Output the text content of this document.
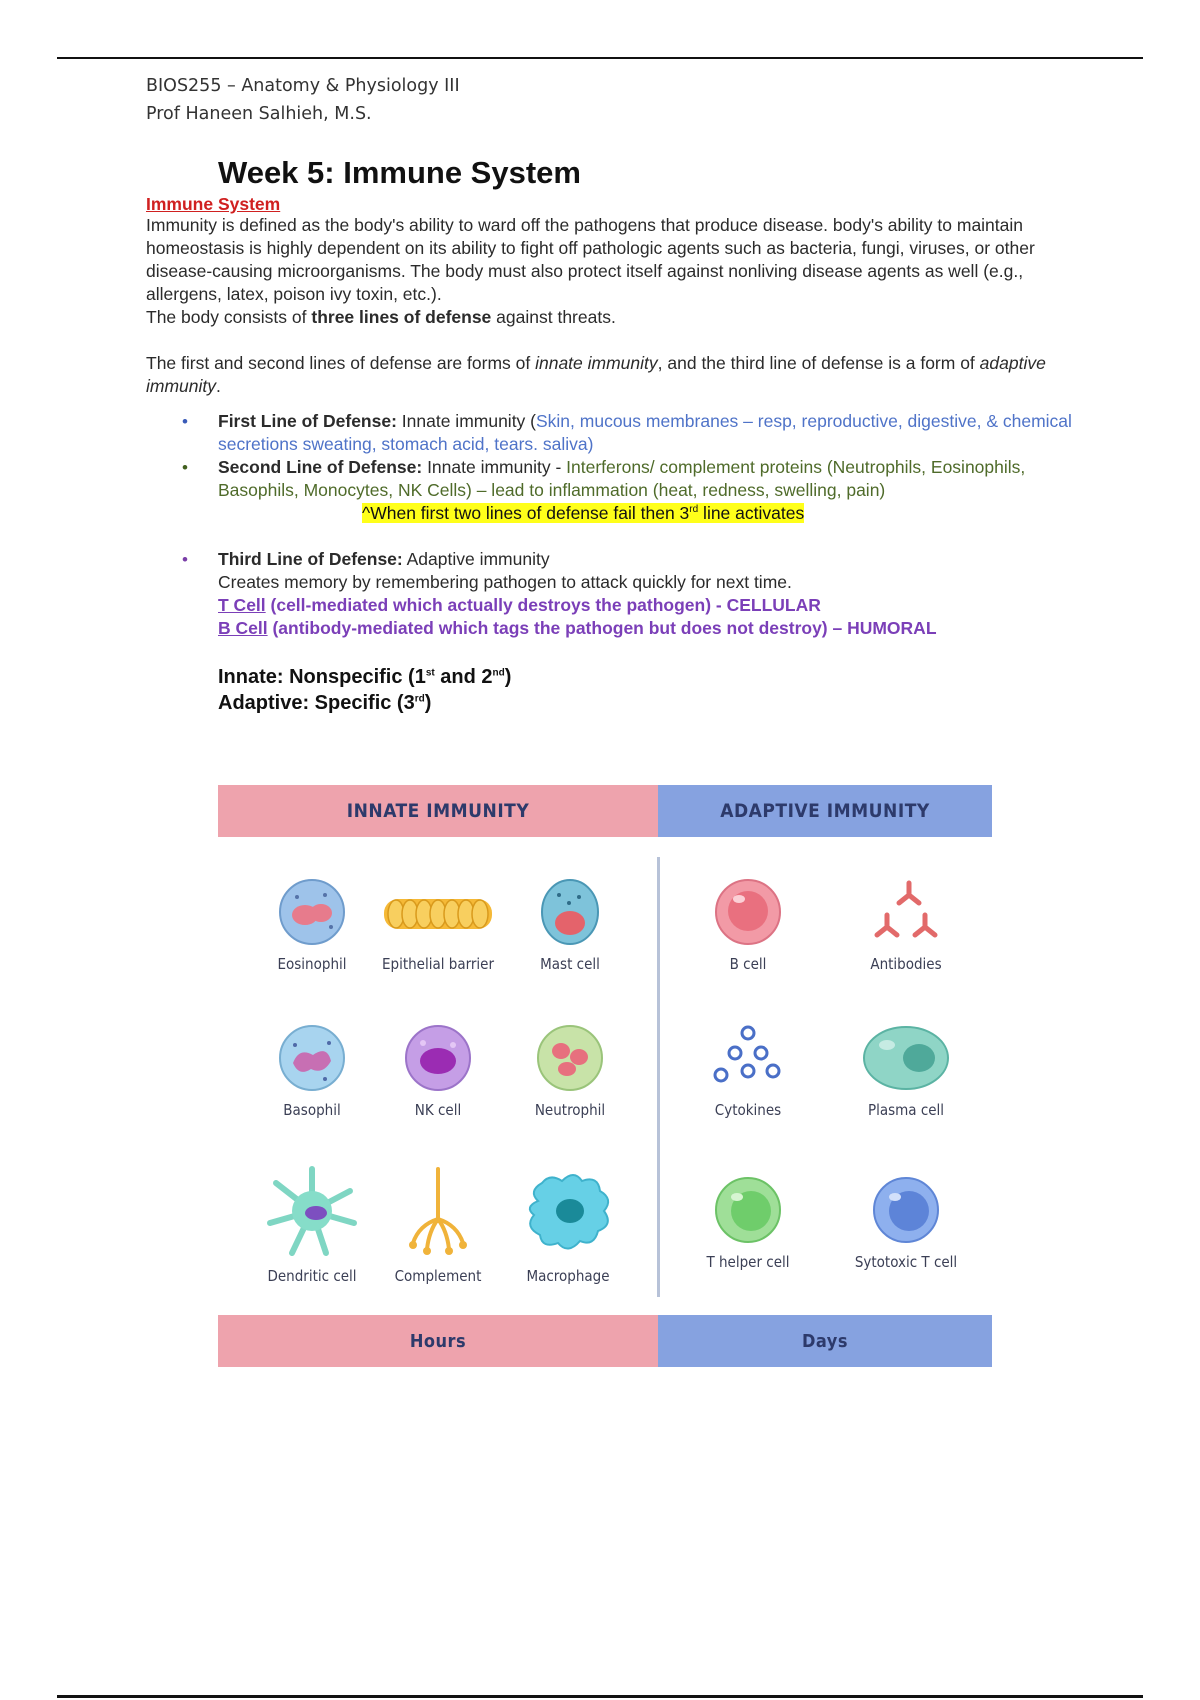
BIOS255 – Anatomy & Physiology III
Prof Haneen Salhieh, M.S.
Week 5: Immune System
Immune System

Immunity is defined as the body's ability to ward off the pathogens that produce disease. body's ability to maintain homeostasis is highly dependent on its ability to fight off pathologic agents such as bacteria, fungi, viruses, or other disease-causing microorganisms. The body must also protect itself against nonliving disease agents as well (e.g., allergens, latex, poison ivy toxin, etc.).

The body consists of three lines of defense against threats.

The first and second lines of defense are forms of innate immunity, and the third line of defense is a form of adaptive immunity.

• First Line of Defense: Innate immunity (Skin, mucous membranes – resp, reproductive, digestive, & chemical secretions sweating, stomach acid, tears. saliva)
• Second Line of Defense: Innate immunity - Interferons/ complement proteins (Neutrophils, Eosinophils, Basophils, Monocytes, NK Cells) – lead to inflammation (heat, redness, swelling, pain)
^When first two lines of defense fail then 3rd line activates
• Third Line of Defense: Adaptive immunity
Creates memory by remembering pathogen to attack quickly for next time.
T Cell (cell-mediated which actually destroys the pathogen) - CELLULAR
B Cell (antibody-mediated which tags the pathogen but does not destroy) – HUMORAL
Innate: Nonspecific (1st and 2nd)
Adaptive: Specific (3rd)
INNATE IMMUNITY	ADAPTIVE IMMUNITY
Eosinophil	Epithelial barrier	Mast cell
Basophil	NK cell	Neutrophil
Dendritic cell	Complement	Macrophage
B cell	Antibodies
Cytokines	Plasma cell
T helper cell	Sytotoxic T cell
Hours	Days
